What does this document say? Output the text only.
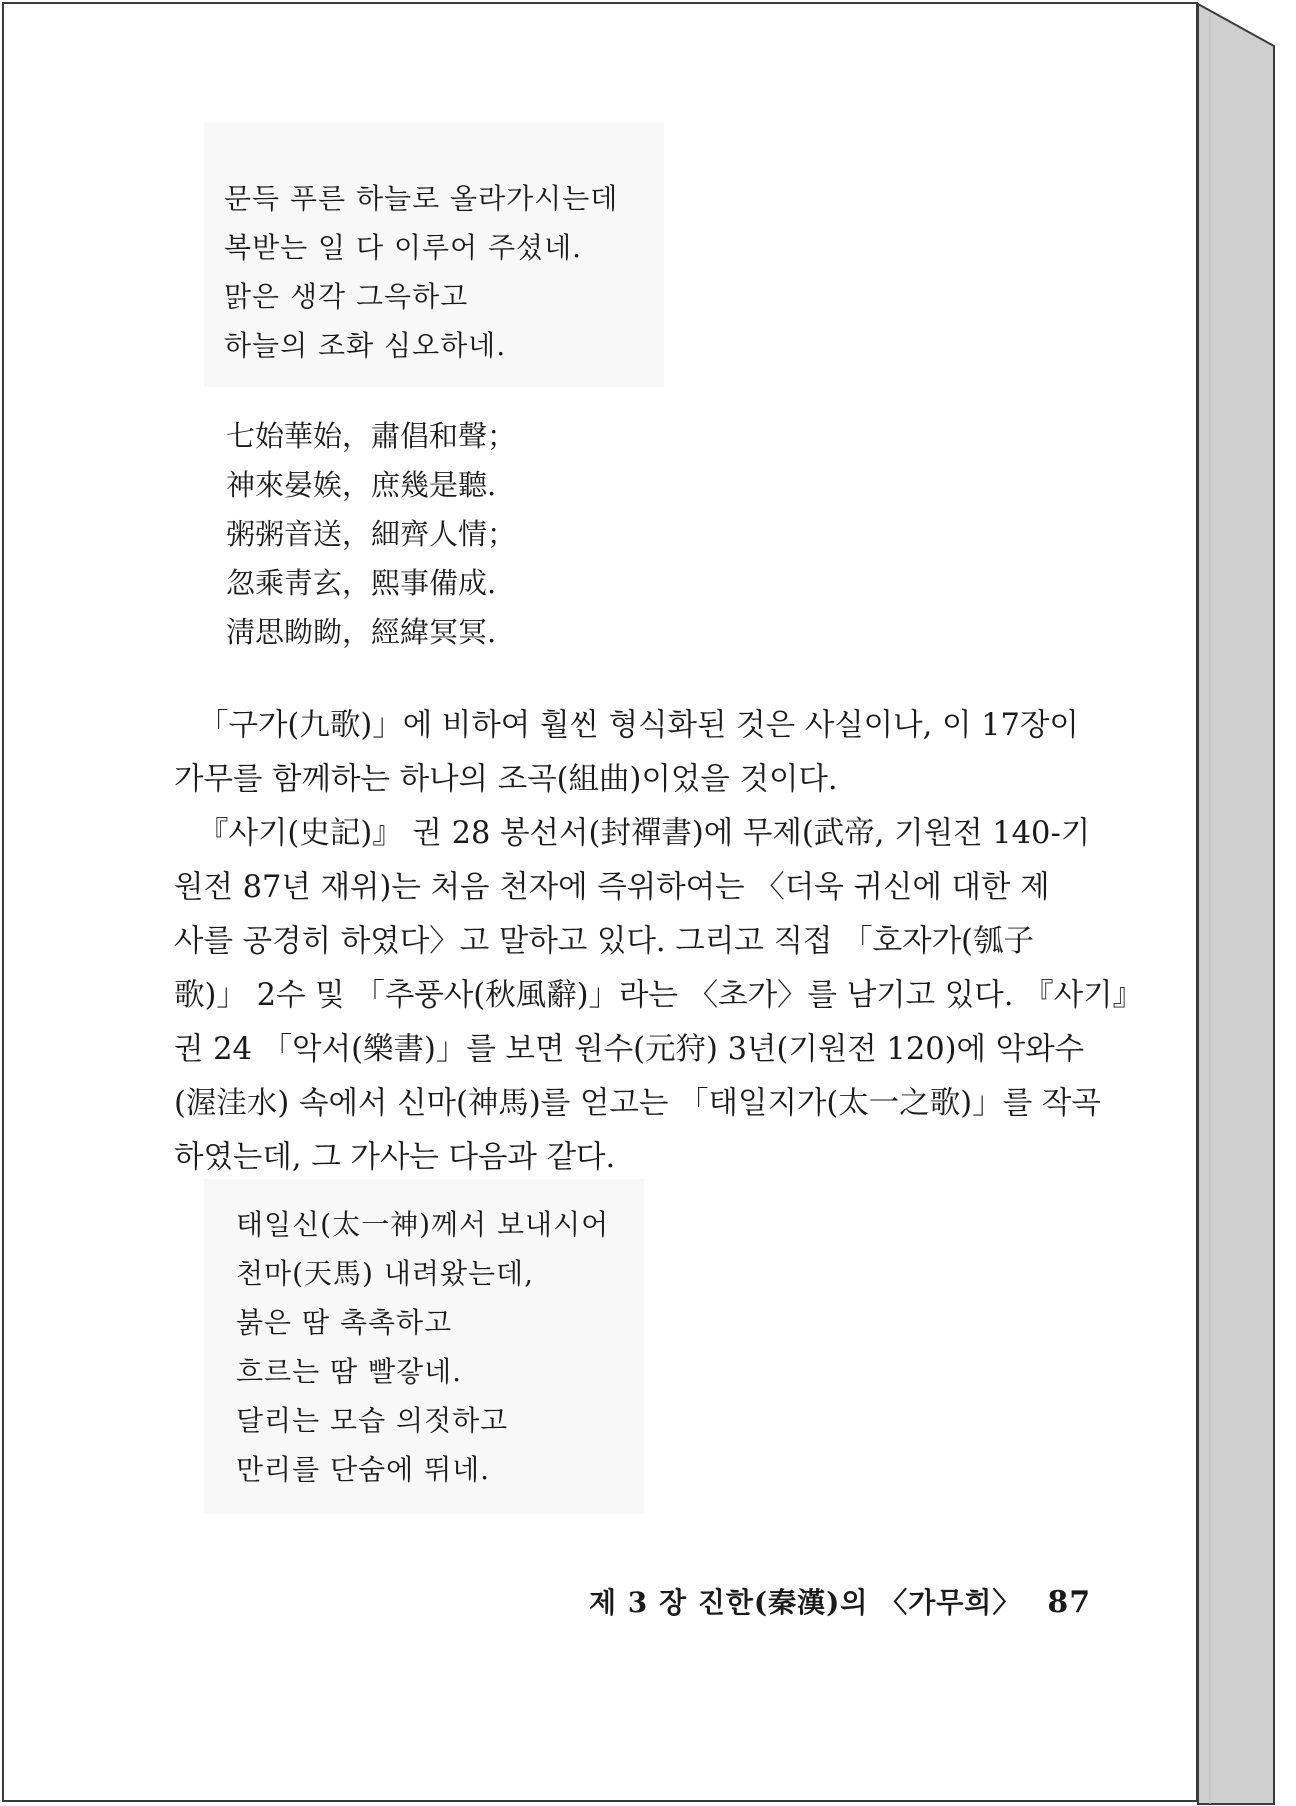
문득 푸른 하늘로 올라가시는데

복받는 일 다 이루어 주셨네.

맑은 생각 그윽하고

하늘의 조화 심오하네.

七始華始，肅倡和聲；

神來晏娭，庶幾是聽.

粥粥音送，細齊人情；

忽乘靑玄，熙事備成.

淸思眑眑，經緯冥冥.

「구가(九歌)」에 비하여 훨씬 형식화된 것은 사실이나, 이 17장이
가무를 함께하는 하나의 조곡(組曲)이었을 것이다.
『사기(史記)』 권 28 봉선서(封禪書)에 무제(武帝, 기원전 140-기
원전 87년 재위)는 처음 천자에 즉위하여는 〈더욱 귀신에 대한 제
사를 공경히 하였다〉고 말하고 있다. 그리고 직접 「호자가(瓠子
歌)」 2수 및 「추풍사(秋風辭)」라는 〈초가〉를 남기고 있다. 『사기』
권 24 「악서(樂書)」를 보면 원수(元狩) 3년(기원전 120)에 악와수
(渥洼水) 속에서 신마(神馬)를 얻고는 「태일지가(太一之歌)」를 작곡
하였는데, 그 가사는 다음과 같다.

태일신(太一神)께서 보내시어

천마(天馬) 내려왔는데,

붉은 땀 촉촉하고

흐르는 땀 빨갛네.

달리는 모습 의젓하고

만리를 단숨에 뛰네.

제 3 장 진한(秦漢)의 〈가무희〉 87
